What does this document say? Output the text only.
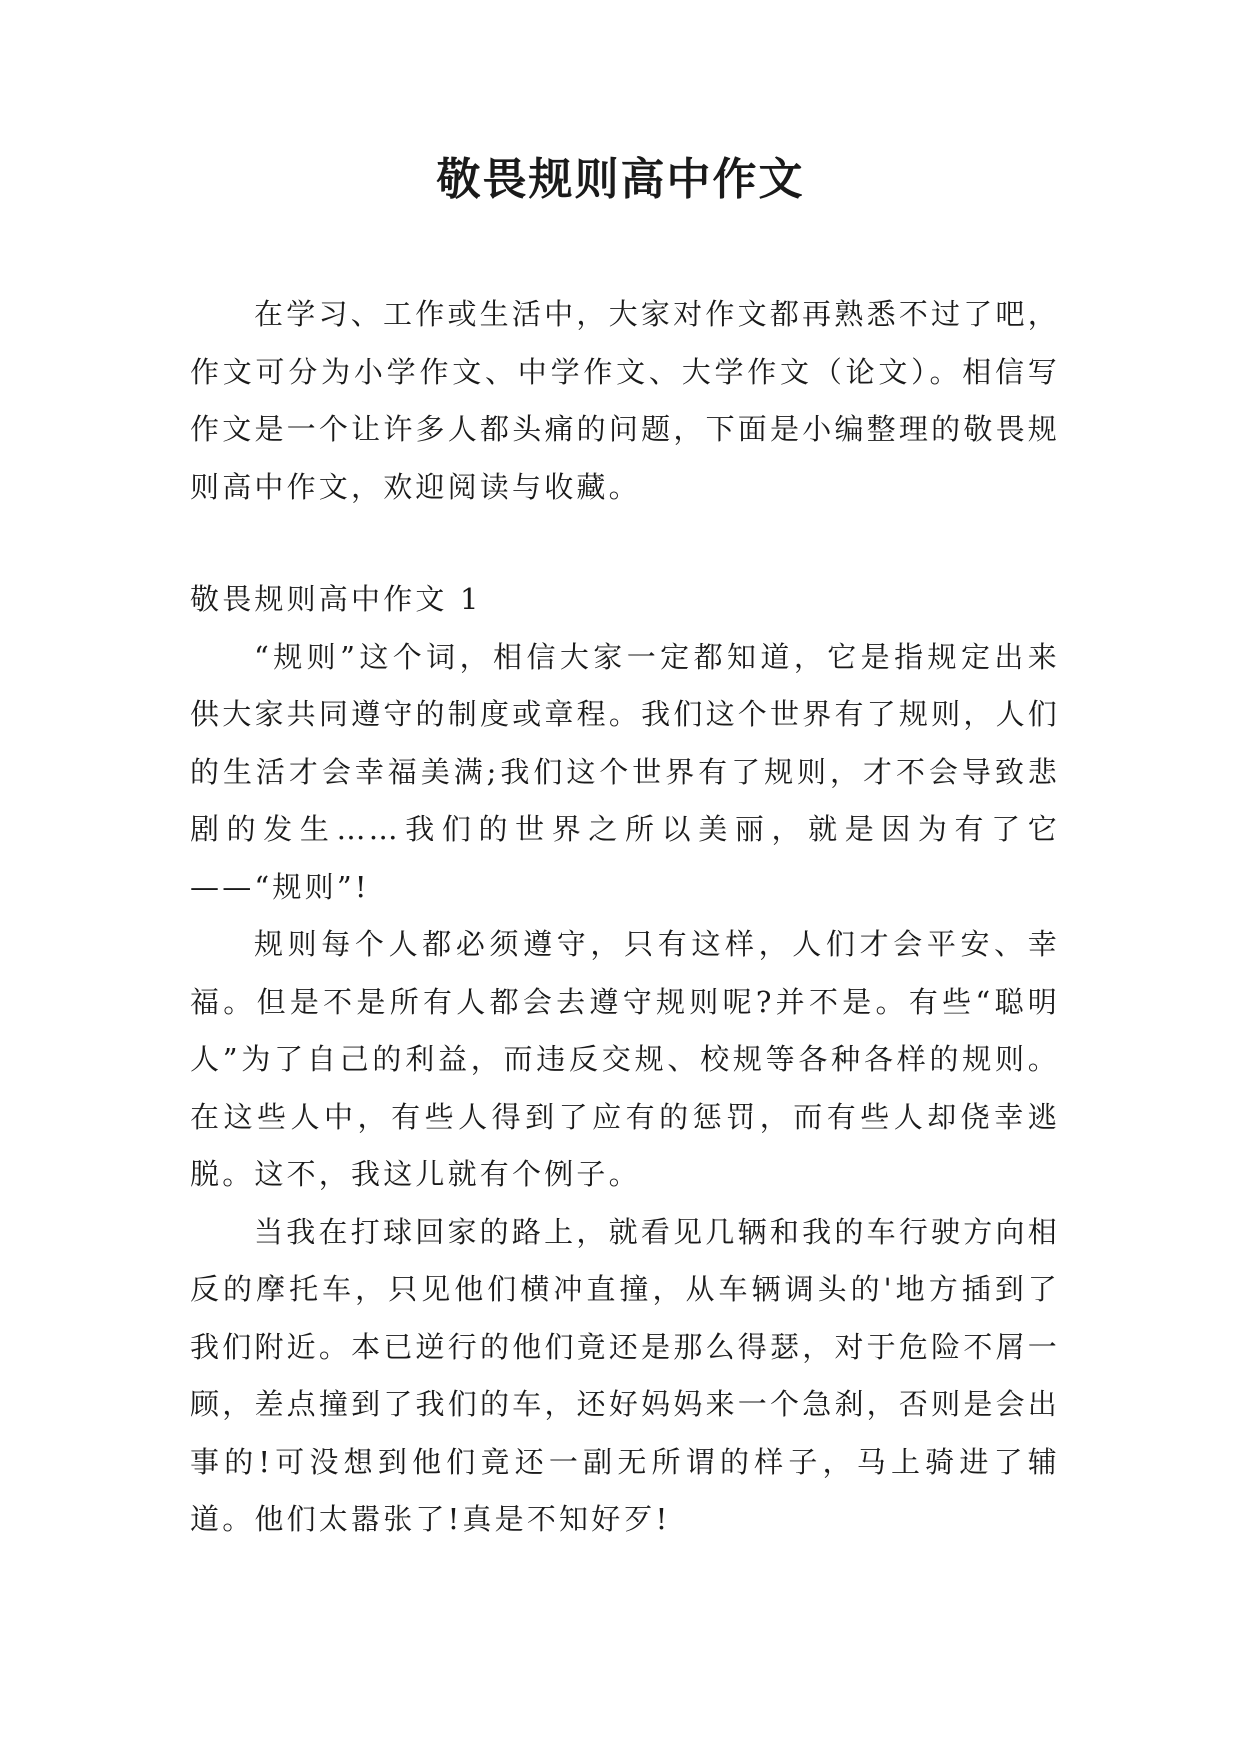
敬畏规则高中作文

在学习、工作或生活中，大家对作文都再熟悉不过了吧，作文可分为小学作文、中学作文、大学作文（论文）。相信写作文是一个让许多人都头痛的问题，下面是小编整理的敬畏规则高中作文，欢迎阅读与收藏。

敬畏规则高中作文 1

“规则”这个词，相信大家一定都知道，它是指规定出来供大家共同遵守的制度或章程。我们这个世界有了规则，人们的生活才会幸福美满;我们这个世界有了规则，才不会导致悲剧的发生……我们的世界之所以美丽，就是因为有了它——“规则”!

规则每个人都必须遵守，只有这样，人们才会平安、幸福。但是不是所有人都会去遵守规则呢?并不是。有些“聪明人”为了自己的利益，而违反交规、校规等各种各样的规则。在这些人中，有些人得到了应有的惩罚，而有些人却侥幸逃脱。这不，我这儿就有个例子。

当我在打球回家的路上，就看见几辆和我的车行驶方向相反的摩托车，只见他们横冲直撞，从车辆调头的'地方插到了我们附近。本已逆行的他们竟还是那么得瑟，对于危险不屑一顾，差点撞到了我们的车，还好妈妈来一个急刹，否则是会出事的!可没想到他们竟还一副无所谓的样子，马上骑进了辅道。他们太嚣张了!真是不知好歹!
